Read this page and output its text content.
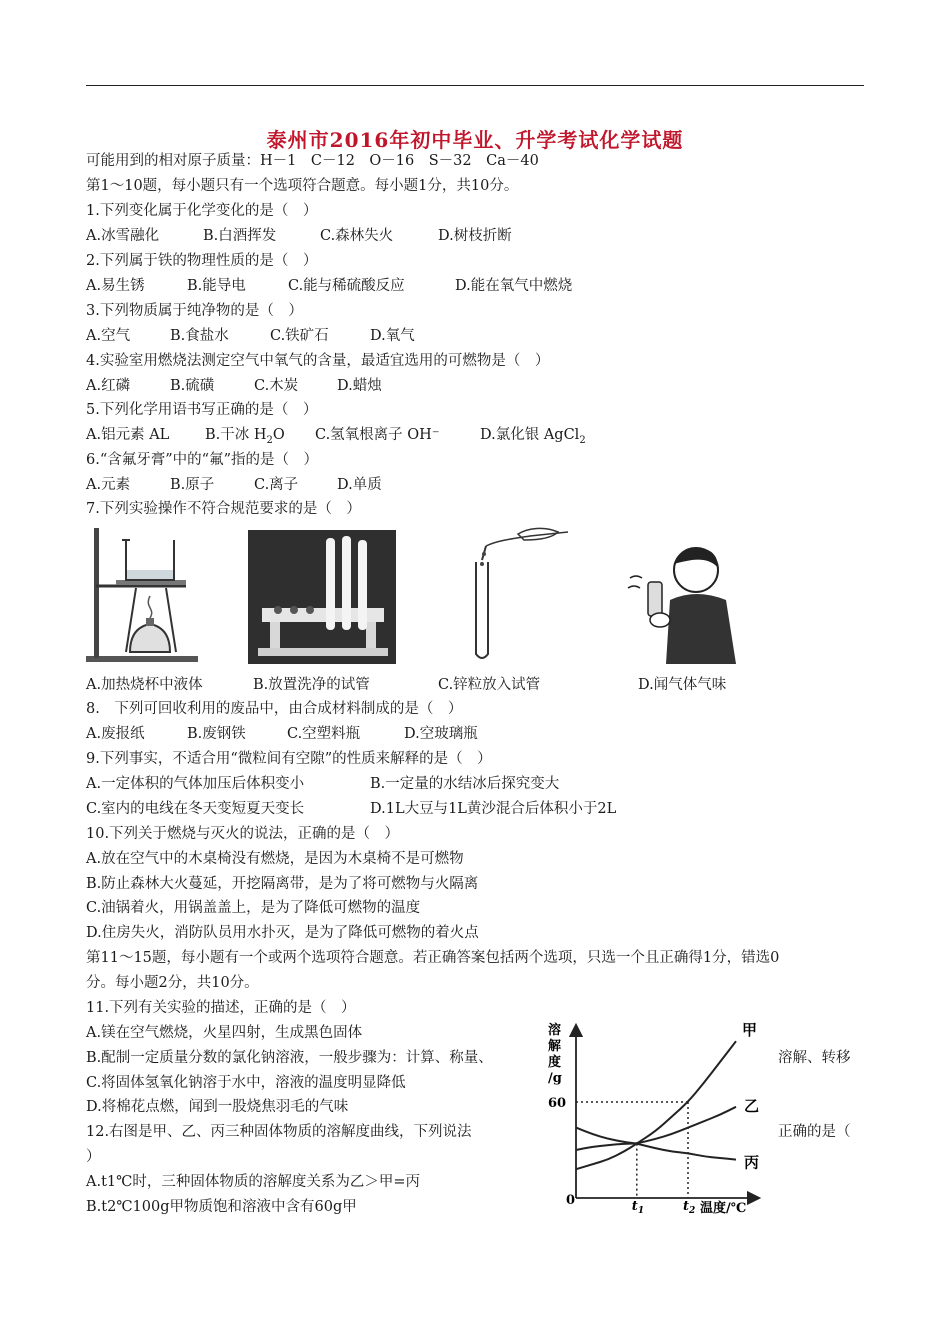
泰州市2016年初中毕业、升学考试化学试题
可能用到的相对原子质量：H－1　C－12　O－16　S－32　Ca－40
第1～10题，每小题只有一个选项符合题意。每小题1分，共10分。
1.下列变化属于化学变化的是（　）
A.冰雪融化	B.白酒挥发	C.森林失火	D.树枝折断
2.下列属于铁的物理性质的是（　）
A.易生锈	B.能导电	C.能与稀硫酸反应	D.能在氧气中燃烧
3.下列物质属于纯净物的是（　）
A.空气	B.食盐水	C.铁矿石	D.氧气
4.实验室用燃烧法测定空气中氧气的含量，最适宜选用的可燃物是（　）
A.红磷	B.硫磺	C.木炭	D.蜡烛
5.下列化学用语书写正确的是（　）
A.铝元素 AL B.干冰 $H_2O$ C.氢氧根离子 OH⁻	D.氯化银 AgCl$_2$
6.“含氟牙膏”中的“氟”指的是（　）
A.元素	B.原子	C.离子	D.单质
7.下列实验操作不符合规范要求的是（　）
A.加热烧杯中液体	B.放置洗净的试管	C.锌粒放入试管	D.闻气体气味
8.　下列可回收利用的废品中，由合成材料制成的是（　）
A.废报纸	B.废钢铁	C.空塑料瓶	D.空玻璃瓶
9.下列事实，不适合用“微粒间有空隙”的性质来解释的是（　）
A.一定体积的气体加压后体积变小	B.一定量的水结冰后探究变大
C.室内的电线在冬天变短夏天变长	D.1L大豆与1L黄沙混合后体积小于2L
10.下列关于燃烧与灭火的说法，正确的是（　）
A.放在空气中的木桌椅没有燃烧，是因为木桌椅不是可燃物
B.防止森林大火蔓延，开挖隔离带，是为了将可燃物与火隔离
C.油锅着火，用锅盖盖上，是为了降低可燃物的温度
D.住房失火，消防队员用水扑灭，是为了降低可燃物的着火点
第11～15题，每小题有一个或两个选项符合题意。若正确答案包括两个选项，只选一个且正确得1分，错选0
分。每小题2分，共10分。
11.下列有关实验的描述，正确的是（　）
A.镁在空气燃烧，火星四射，生成黑色固体
B.配制一定质量分数的氯化钠溶液，一般步骤为：计算、称量、	溶解、转移
C.将固体氢氧化钠溶于水中，溶液的温度明显降低
D.将棉花点燃，闻到一股烧焦羽毛的气味
12.右图是甲、乙、丙三种固体物质的溶解度曲线，下列说法	正确的是（
）
A.t1℃时，三种固体物质的溶解度关系为乙＞甲=丙
B.t2℃100g甲物质饱和溶液中含有60g甲
溶
解
度
/g
0
温度/℃
60
$t_1$	$t_2$
甲
乙
丙
